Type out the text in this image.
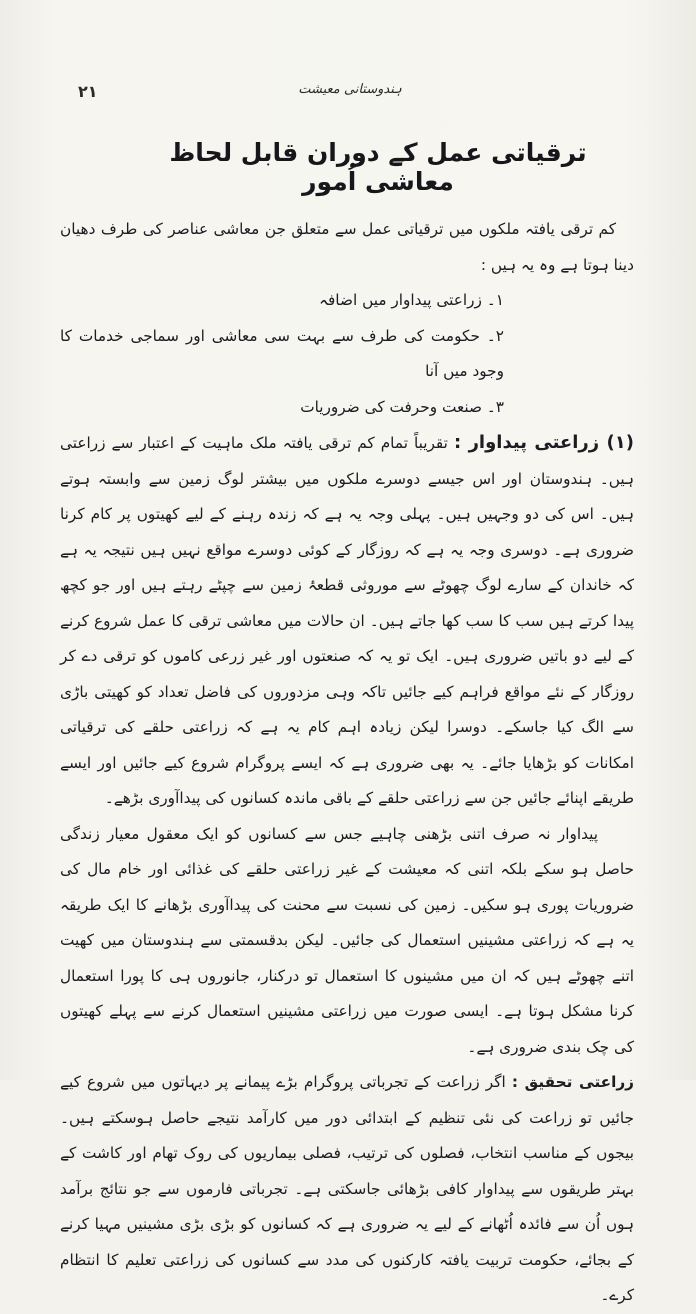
۲۱	ہندوستانی معیشت
ترقیاتی عمل کے دوران قابل لحاظ معاشی اُمور

کم ترقی یافتہ ملکوں میں ترقیاتی عمل سے متعلق جن معاشی عناصر کی طرف دھیان دینا ہوتا ہے وہ یہ ہیں :

۱۔ زراعتی پیداوار میں اضافہ
۲۔ حکومت کی طرف سے بہت سی معاشی اور سماجی خدمات کا وجود میں آنا
۳۔ صنعت وحرفت کی ضروریات

(۱) زراعتی پیداوار : تقریباً تمام کم ترقی یافتہ ملک ماہیت کے اعتبار سے زراعتی ہیں۔ ہندوستان اور اس جیسے دوسرے ملکوں میں بیشتر لوگ زمین سے وابستہ ہوتے ہیں۔ اس کی دو وجہیں ہیں۔ پہلی وجہ یہ ہے کہ زندہ رہنے کے لیے کھیتوں پر کام کرنا ضروری ہے۔ دوسری وجہ یہ ہے کہ روزگار کے کوئی دوسرے مواقع نہیں ہیں نتیجہ یہ ہے کہ خاندان کے سارے لوگ چھوٹے سے موروثی قطعۂ زمین سے چپٹے رہتے ہیں اور جو کچھ پیدا کرتے ہیں سب کا سب کھا جاتے ہیں۔ ان حالات میں معاشی ترقی کا عمل شروع کرنے کے لیے دو باتیں ضروری ہیں۔ ایک تو یہ کہ صنعتوں اور غیر زرعی کاموں کو ترقی دے کر روزگار کے نئے مواقع فراہم کیے جائیں تاکہ وہی مزدوروں کی فاضل تعداد کو کھیتی باڑی سے الگ کیا جاسکے۔ دوسرا لیکن زیادہ اہم کام یہ ہے کہ زراعتی حلقے کی ترقیاتی امکانات کو بڑھایا جائے۔ یہ بھی ضروری ہے کہ ایسے پروگرام شروع کیے جائیں اور ایسے طریقے اپنائے جائیں جن سے زراعتی حلقے کے باقی ماندہ کسانوں کی پیداآوری بڑھے۔

پیداوار نہ صرف اتنی بڑھنی چاہیے جس سے کسانوں کو ایک معقول معیار زندگی حاصل ہو سکے بلکہ اتنی کہ معیشت کے غیر زراعتی حلقے کی غذائی اور خام مال کی ضروریات پوری ہو سکیں۔ زمین کی نسبت سے محنت کی پیداآوری بڑھانے کا ایک طریقہ یہ ہے کہ زراعتی مشینیں استعمال کی جائیں۔ لیکن بدقسمتی سے ہندوستان میں کھیت اتنے چھوٹے ہیں کہ ان میں مشینوں کا استعمال تو درکنار، جانوروں ہی کا پورا استعمال کرنا مشکل ہوتا ہے۔ ایسی صورت میں زراعتی مشینیں استعمال کرنے سے پہلے کھیتوں کی چک بندی ضروری ہے۔

زراعتی تحقیق : اگر زراعت کے تجرباتی پروگرام بڑے پیمانے پر دیہاتوں میں شروع کیے جائیں تو زراعت کی نئی تنظیم کے ابتدائی دور میں کارآمد نتیجے حاصل ہوسکتے ہیں۔ بیجوں کے مناسب انتخاب، فصلوں کی ترتیب، فصلی بیماریوں کی روک تھام اور کاشت کے بہتر طریقوں سے پیداوار کافی بڑھائی جاسکتی ہے۔ تجرباتی فارموں سے جو نتائج برآمد ہوں اُن سے فائدہ اُٹھانے کے لیے یہ ضروری ہے کہ کسانوں کو بڑی بڑی مشینیں مہیا کرنے کے بجائے، حکومت تربیت یافتہ کارکنوں کی مدد سے کسانوں کی زراعتی تعلیم کا انتظام کرے۔
